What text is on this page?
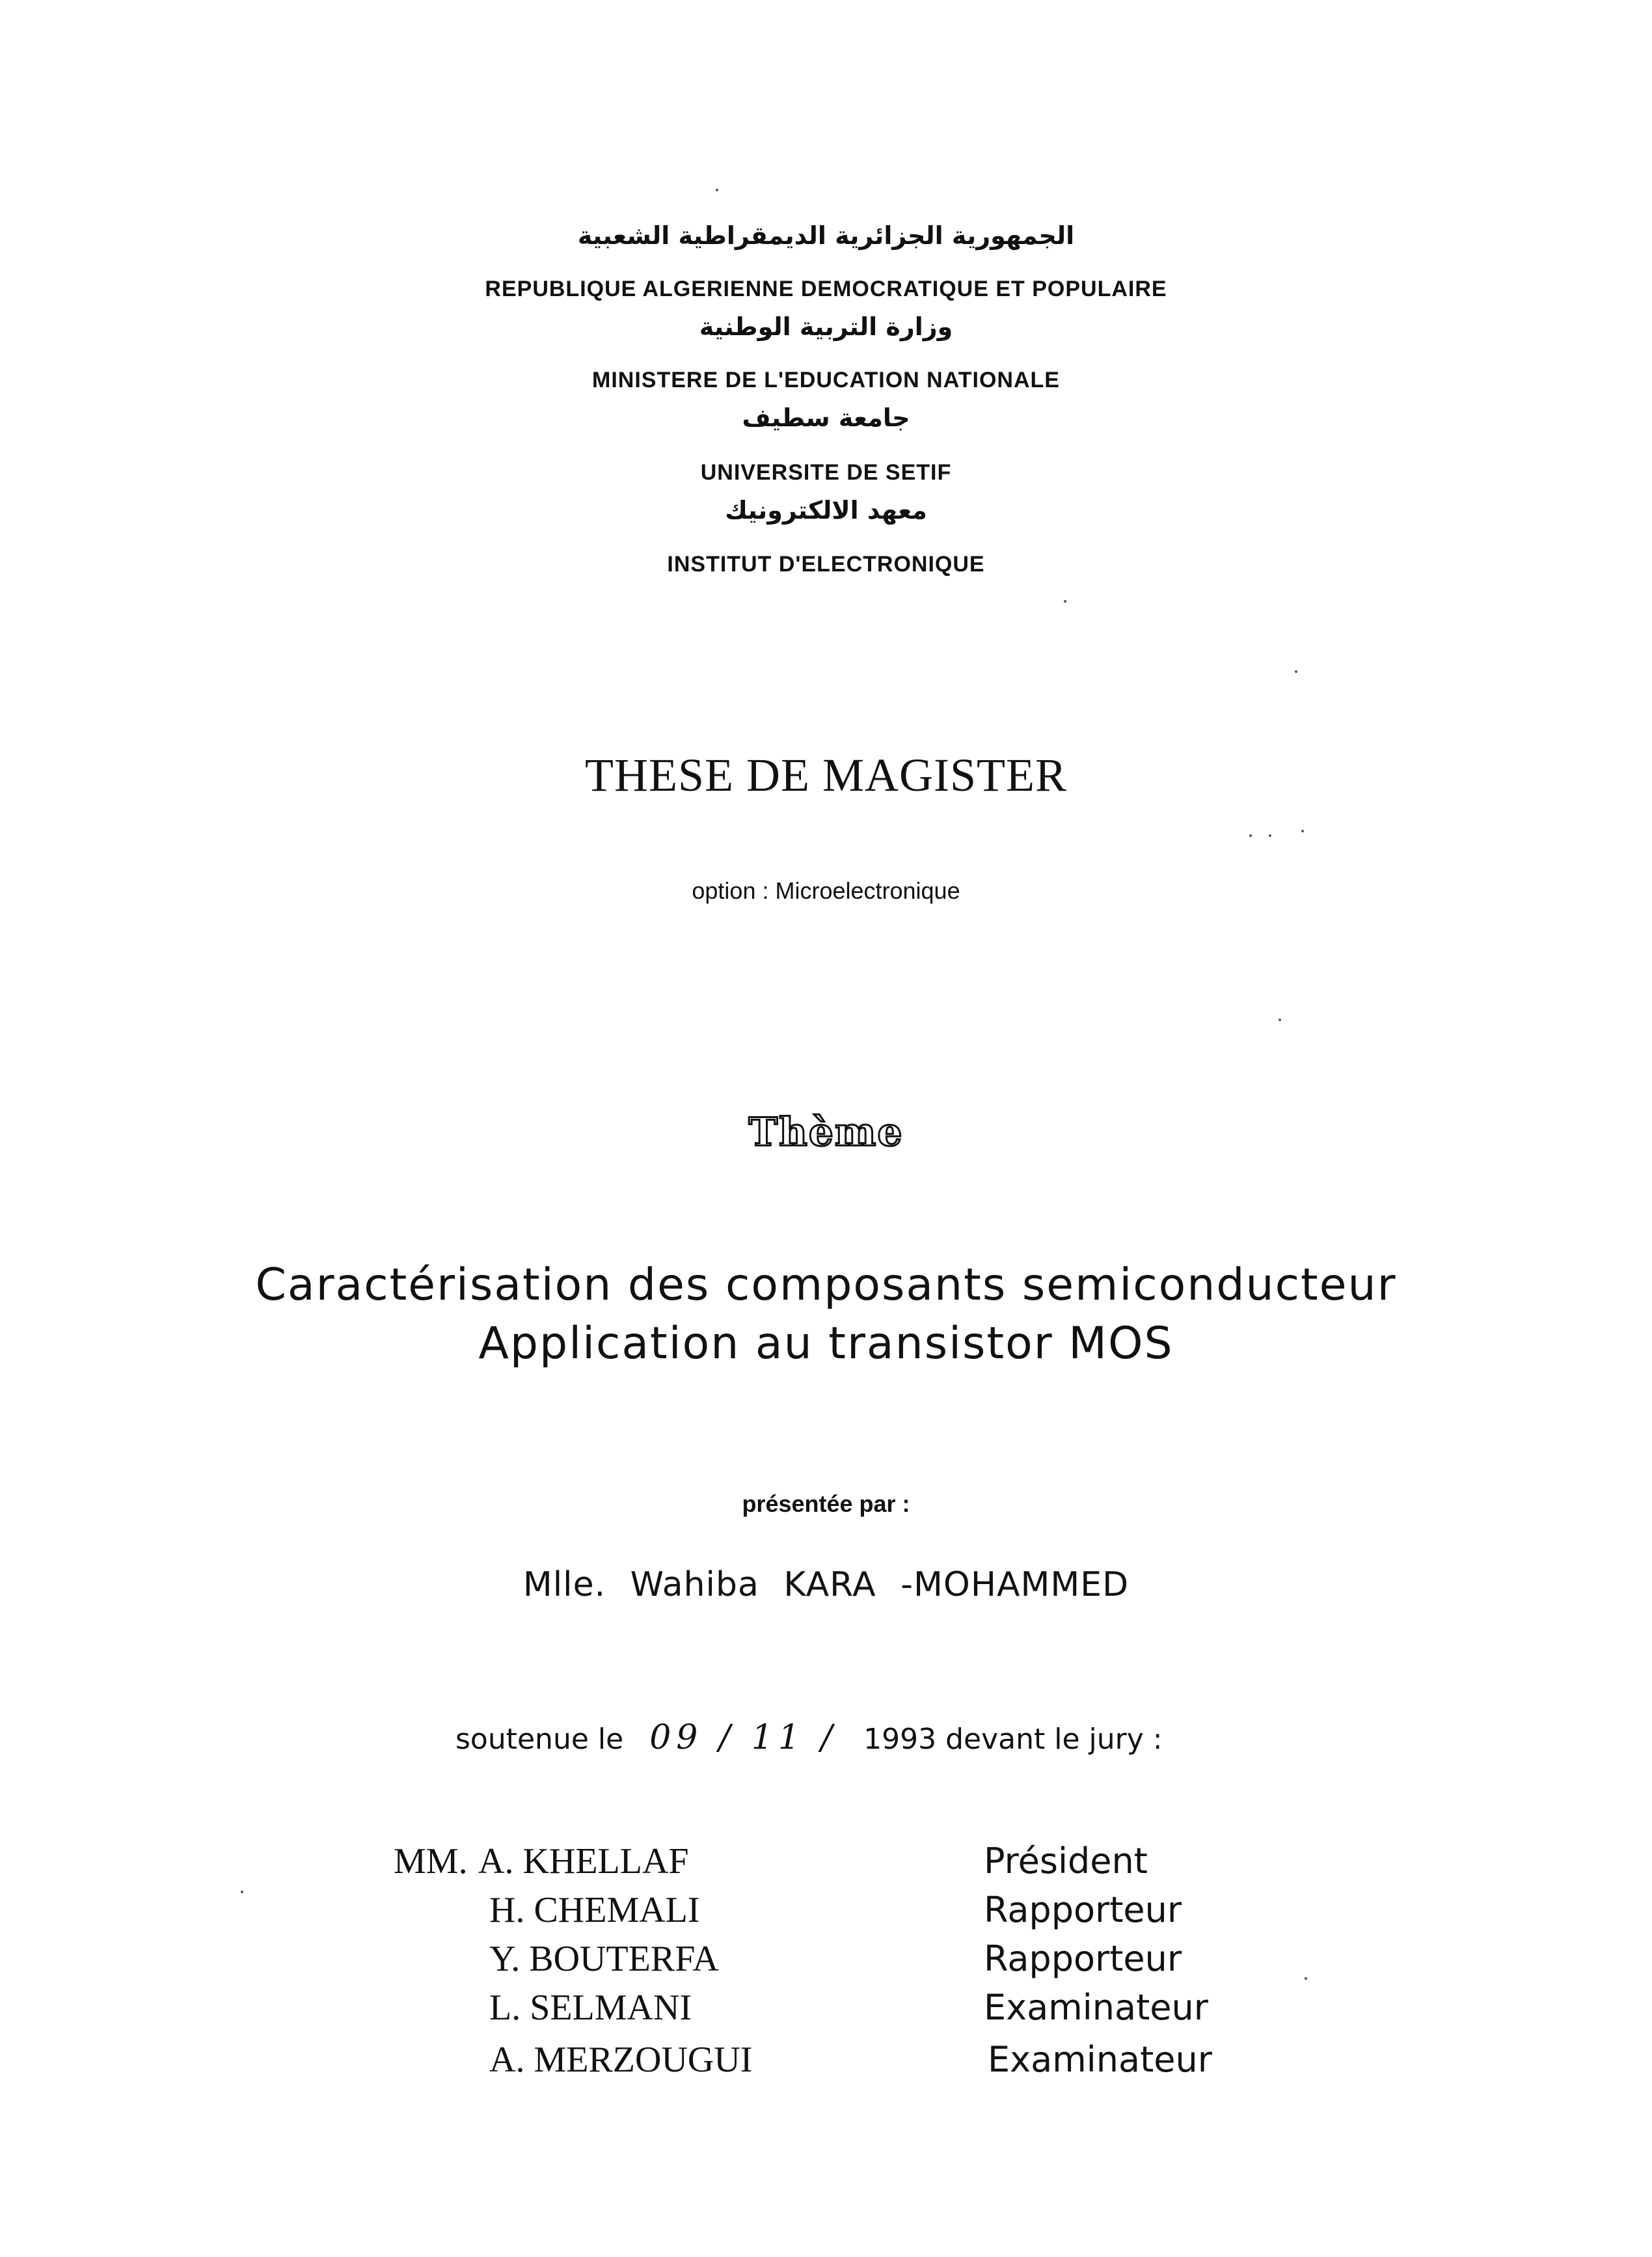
الجمهورية الجزائرية الديمقراطية الشعبية
REPUBLIQUE ALGERIENNE DEMOCRATIQUE ET POPULAIRE
وزارة التربية الوطنية
MINISTERE DE L'EDUCATION NATIONALE
جامعة سطيف
UNIVERSITE DE SETIF
معهد الالكترونيك
INSTITUT D'ELECTRONIQUE
THESE DE MAGISTER
option : Microelectronique
Thème
Caractérisation des composants semiconducteur
Application au transistor MOS
présentée par :
Mlle. Wahiba KARA -MOHAMMED
soutenue le 09 / 11 / 1993 devant le jury :
MM. A. KHELLAF	Président
H. CHEMALI	Rapporteur
Y. BOUTERFA	Rapporteur
L. SELMANI	Examinateur
A. MERZOUGUI	Examinateur
